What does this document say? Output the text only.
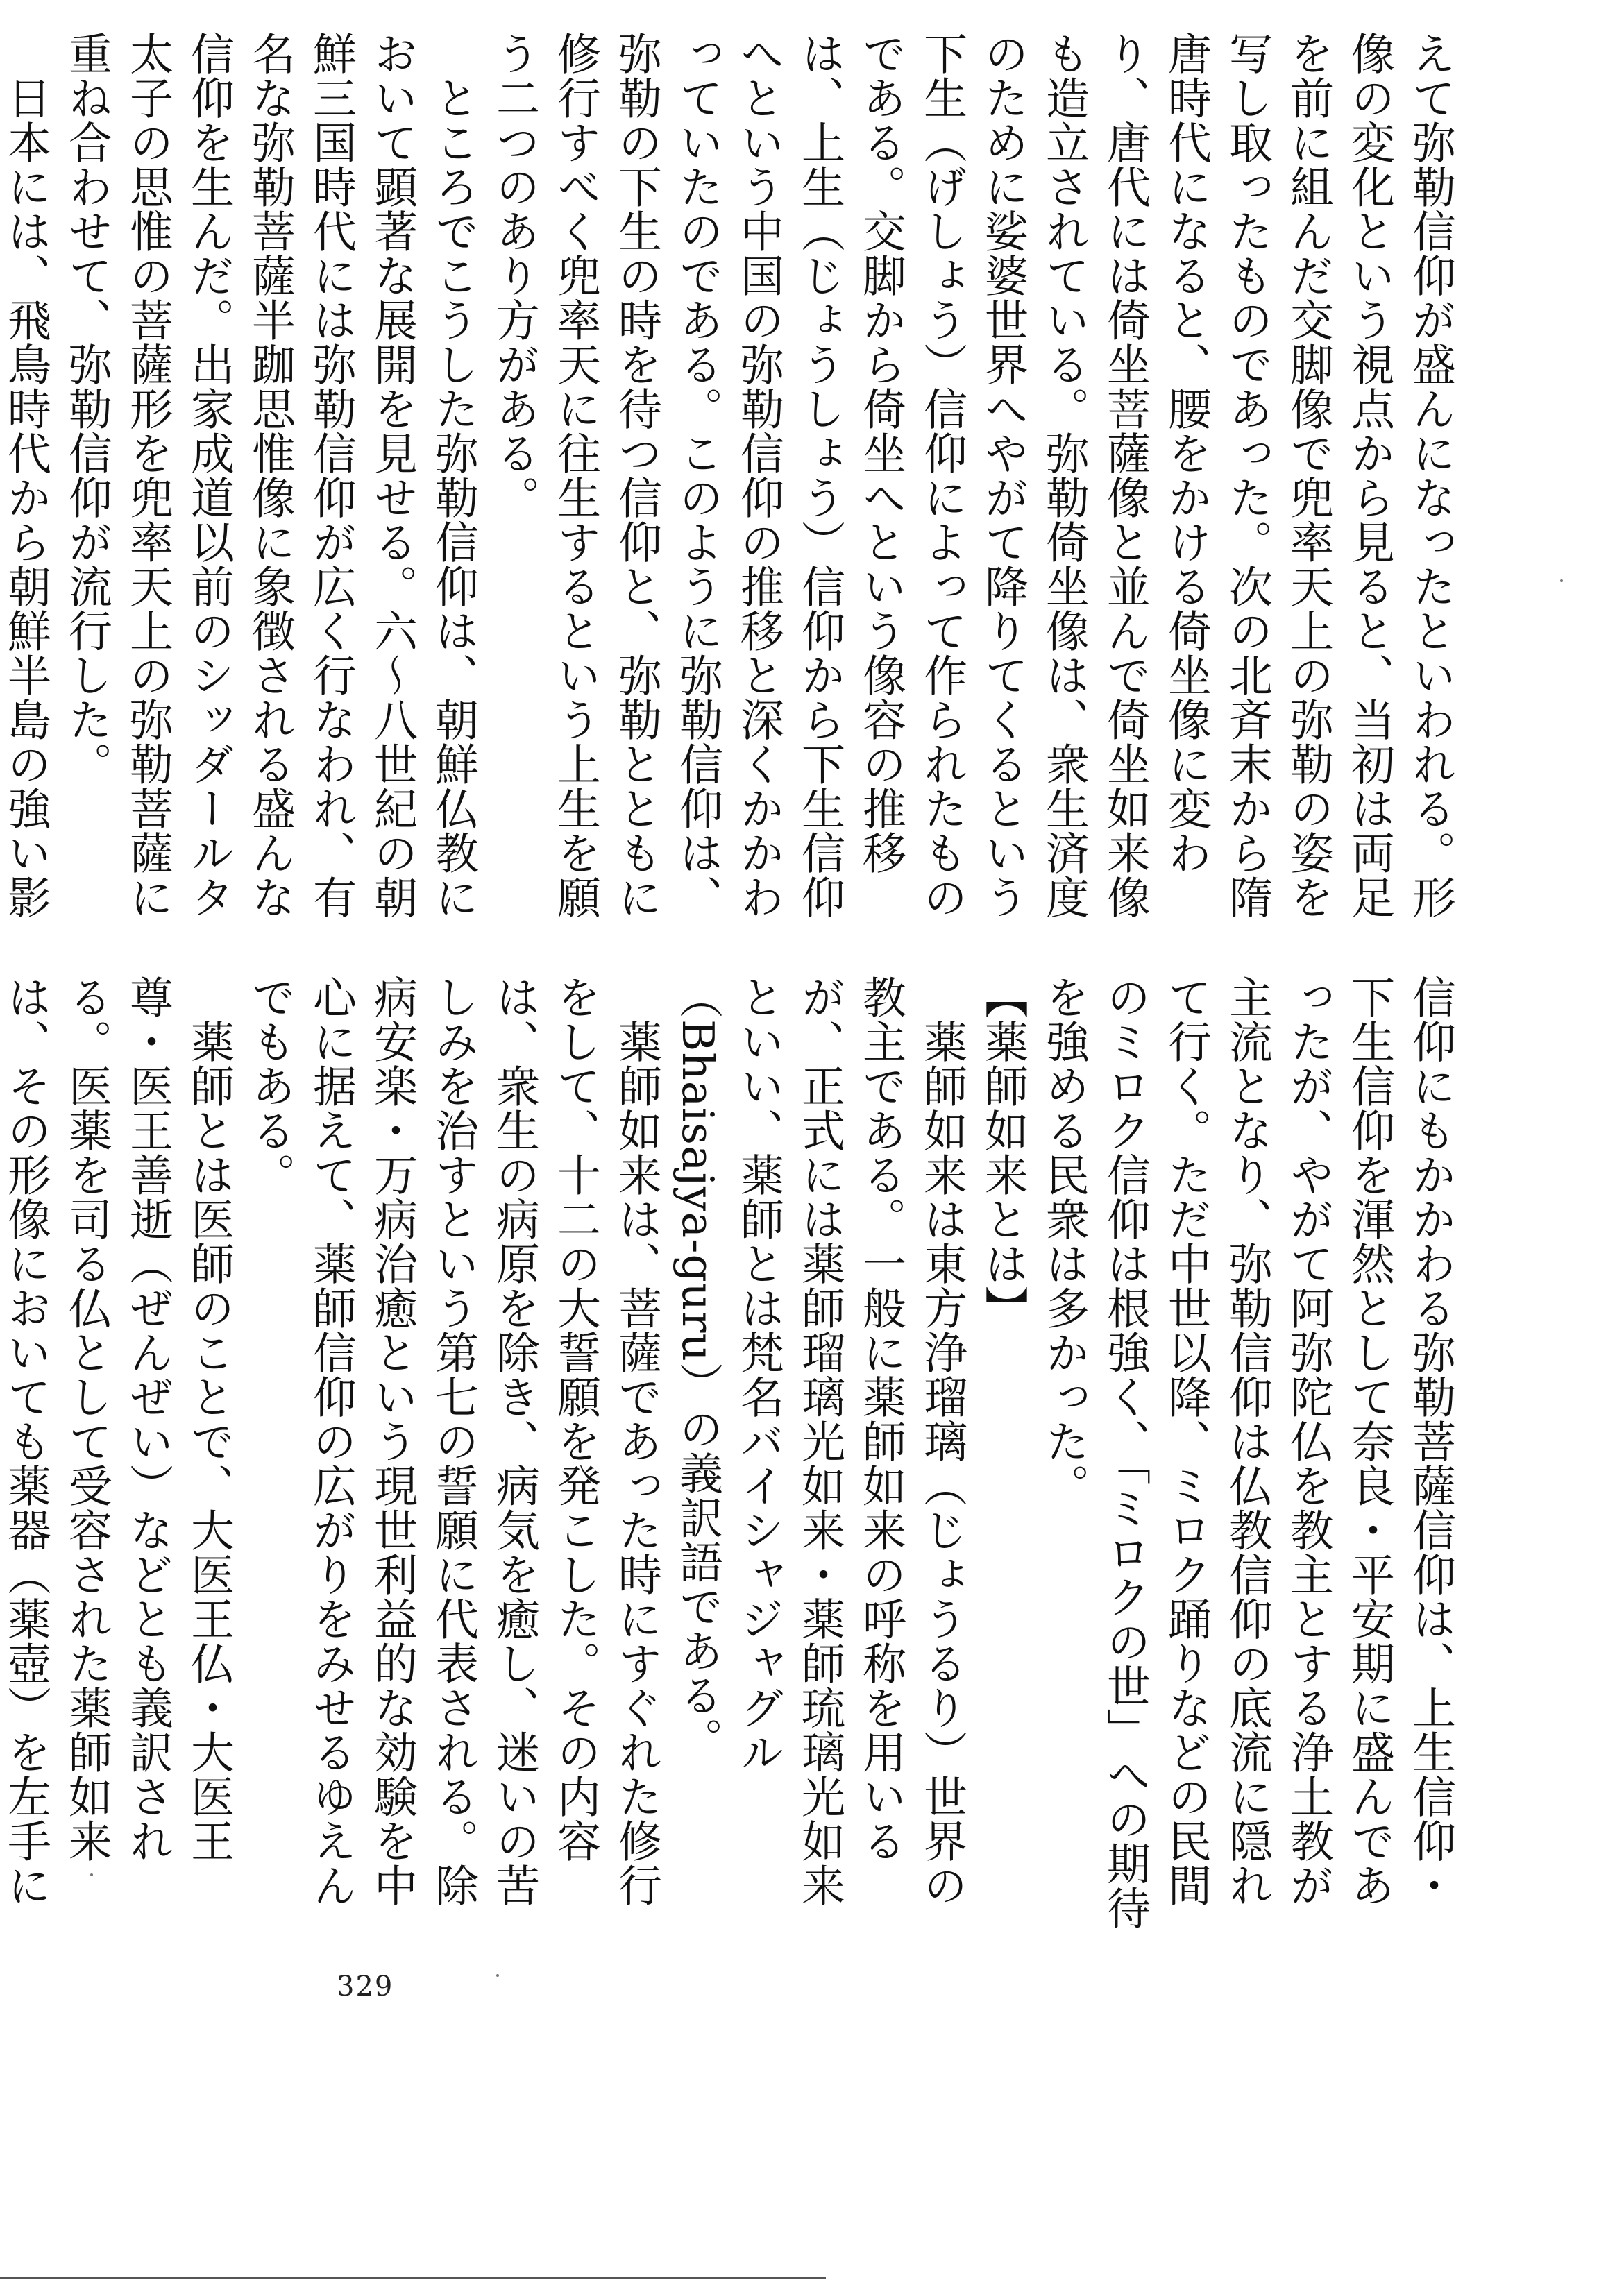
えて弥勒信仰が盛んになったといわれる。形像の変化という視点から見ると、当初は両足を前に組んだ交脚像で兜率天上の弥勒の姿を写し取ったものであった。次の北斉末から隋唐時代になると、腰をかける倚坐像に変わり、唐代には倚坐菩薩像と並んで倚坐如来像も造立されている。弥勒倚坐像は、衆生済度のために娑婆世界へやがて降りてくるという下生（げしょう）信仰によって作られたものである。交脚から倚坐へという像容の推移は、上生（じょうしょう）信仰から下生信仰へという中国の弥勒信仰の推移と深くかかわっていたのである。このように弥勒信仰は、弥勒の下生の時を待つ信仰と、弥勒とともに修行すべく兜率天に往生するという上生を願う二つのあり方がある。
　ところでこうした弥勒信仰は、朝鮮仏教において顕著な展開を見せる。六〜八世紀の朝鮮三国時代には弥勒信仰が広く行なわれ、有名な弥勒菩薩半跏思惟像に象徴される盛んな信仰を生んだ。出家成道以前のシッダールタ太子の思惟の菩薩形を兜率天上の弥勒菩薩に重ね合わせて、弥勒信仰が流行した。
　日本には、飛鳥時代から朝鮮半島の強い影

信仰にもかかわる弥勒菩薩信仰は、上生信仰・下生信仰を渾然として奈良・平安期に盛んであったが、やがて阿弥陀仏を教主とする浄土教が主流となり、弥勒信仰は仏教信仰の底流に隠れて行く。ただ中世以降、ミロク踊りなどの民間のミロク信仰は根強く、「ミロクの世」への期待を強める民衆は多かった。
【薬師如来とは】
　薬師如来は東方浄瑠璃（じょうるり）世界の教主である。一般に薬師如来の呼称を用いるが、正式には薬師瑠璃光如来・薬師琉璃光如来といい、薬師とは梵名バイシャジャグル（Bhaisajya-guru）の義訳語である。
　薬師如来は、菩薩であった時にすぐれた修行をして、十二の大誓願を発こした。その内容は、衆生の病原を除き、病気を癒し、迷いの苦しみを治すという第七の誓願に代表される。除病安楽・万病治癒という現世利益的な効験を中心に据えて、薬師信仰の広がりをみせるゆえんでもある。
　薬師とは医師のことで、大医王仏・大医王尊・医王善逝（ぜんぜい）などとも義訳される。医薬を司る仏として受容された薬師如来は、その形像においても薬器（薬壺）を左手に

329
